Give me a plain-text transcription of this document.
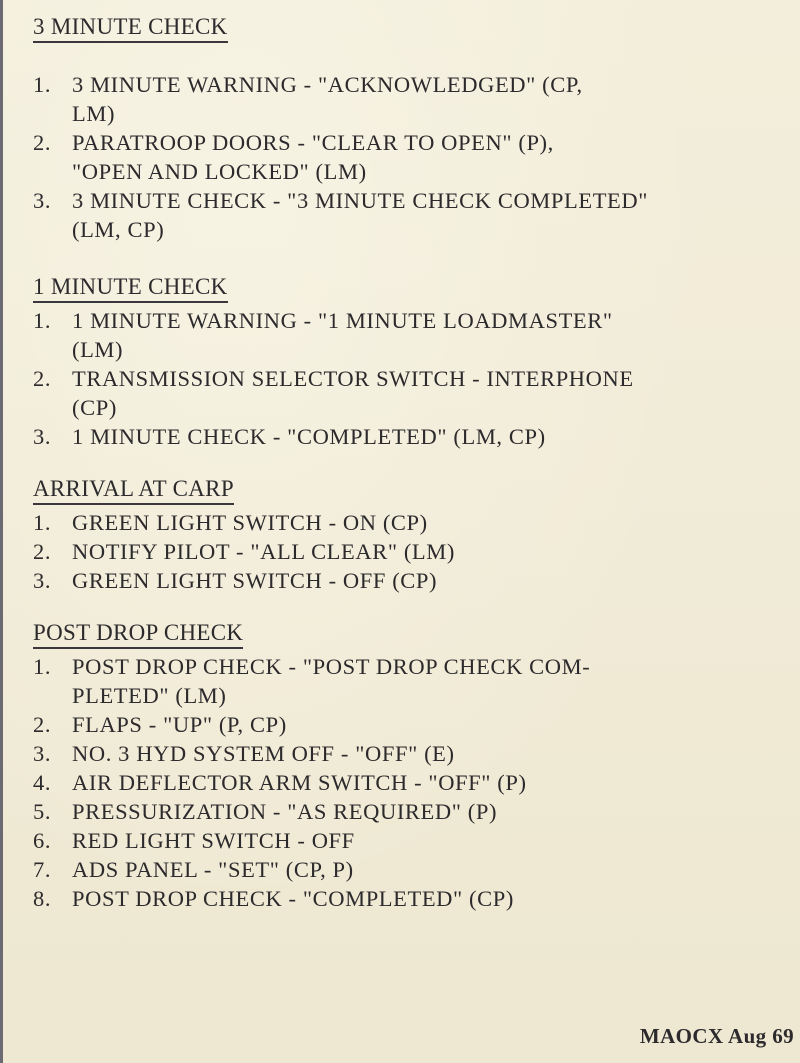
3 MINUTE CHECK
1. 3 MINUTE WARNING - "ACKNOWLEDGED" (CP,
LM)
2. PARATROOP DOORS - "CLEAR TO OPEN" (P),
"OPEN AND LOCKED" (LM)
3. 3 MINUTE CHECK - "3 MINUTE CHECK COMPLETED"
(LM, CP)
1 MINUTE CHECK
1. 1 MINUTE WARNING - "1 MINUTE LOADMASTER"
(LM)
2. TRANSMISSION SELECTOR SWITCH - INTERPHONE
(CP)
3. 1 MINUTE CHECK - "COMPLETED" (LM, CP)
ARRIVAL AT CARP
1. GREEN LIGHT SWITCH - ON (CP)
2. NOTIFY PILOT - "ALL CLEAR" (LM)
3. GREEN LIGHT SWITCH - OFF (CP)
POST DROP CHECK
1. POST DROP CHECK - "POST DROP CHECK COM-
PLETED" (LM)
2. FLAPS - "UP" (P, CP)
3. NO. 3 HYD SYSTEM OFF - "OFF" (E)
4. AIR DEFLECTOR ARM SWITCH - "OFF" (P)
5. PRESSURIZATION - "AS REQUIRED" (P)
6. RED LIGHT SWITCH - OFF
7. ADS PANEL - "SET" (CP, P)
8. POST DROP CHECK - "COMPLETED" (CP)
MAOCX Aug 69
